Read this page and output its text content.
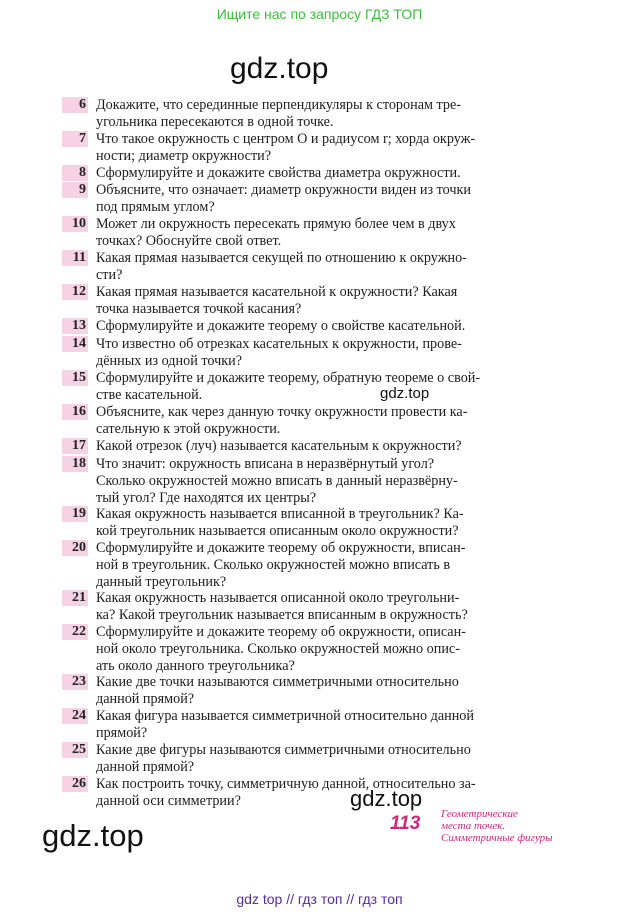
Ищите нас по запросу ГДЗ ТОП
gdz.top
6 Докажите, что серединные перпендикуляры к сторонам тре-
угольника пересекаются в одной точке.
7 Что такое окружность с центром O и радиусом r; хорда окруж-
ности; диаметр окружности?
8 Сформулируйте и докажите свойства диаметра окружности.
9 Объясните, что означает: диаметр окружности виден из точки
под прямым углом?
10 Может ли окружность пересекать прямую более чем в двух
точках? Обоснуйте свой ответ.
11 Какая прямая называется секущей по отношению к окружно-
сти?
12 Какая прямая называется касательной к окружности? Какая
точка называется точкой касания?
13 Сформулируйте и докажите теорему о свойстве касательной.
14 Что известно об отрезках касательных к окружности, прове-
дённых из одной точки?
15 Сформулируйте и докажите теорему, обратную теореме о свой-
стве касательной.
16 Объясните, как через данную точку окружности провести ка-
сательную к этой окружности.
17 Какой отрезок (луч) называется касательным к окружности?
18 Что значит: окружность вписана в неразвёрнутый угол?
Сколько окружностей можно вписать в данный неразвёрну-
тый угол? Где находятся их центры?
19 Какая окружность называется вписанной в треугольник? Ка-
кой треугольник называется описанным около окружности?
20 Сформулируйте и докажите теорему об окружности, вписан-
ной в треугольник. Сколько окружностей можно вписать в
данный треугольник?
21 Какая окружность называется описанной около треугольни-
ка? Какой треугольник называется вписанным в окружность?
22 Сформулируйте и докажите теорему об окружности, описан-
ной около треугольника. Сколько окружностей можно опис-
ать около данного треугольника?
23 Какие две точки называются симметричными относительно
данной прямой?
24 Какая фигура называется симметричной относительно данной
прямой?
25 Какие две фигуры называются симметричными относительно
данной прямой?
26 Как построить точку, симметричную данной, относительно за-
данной оси симметрии?
gdz.top
gdz.top
gdz.top	113 Геометрические
места точек.
Симметричные фигуры
gdz top // гдз топ // гдз топ
